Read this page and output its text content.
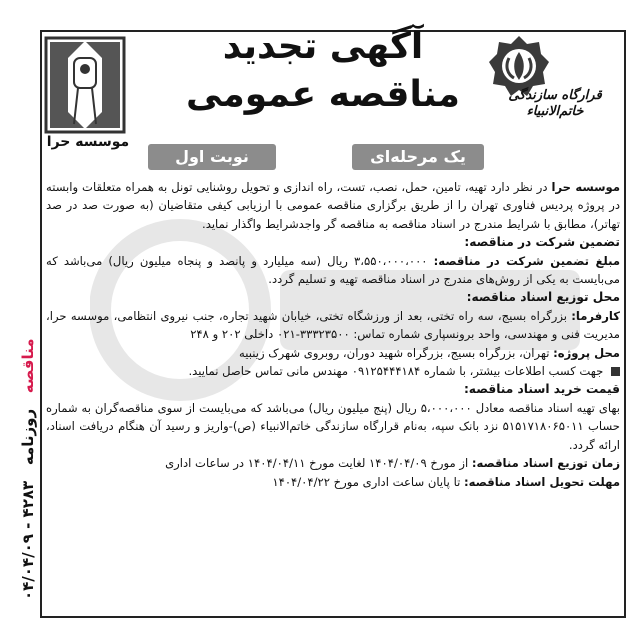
۰۴/۰۴/۰۹ - ۴۲۸۳   مناقصه   روزنامه
قرارگاه سازندگی خاتم‌الانبیاء
آگهی تجدید
مناقصه عمومی
یک مرحله‌ای
نوبت اول
موسسه حرا

موسسه حرا در نظر دارد تهیه، تامین، حمل، نصب، تست، راه اندازی و تحویل روشنایی تونل به همراه متعلقات وابسته در پروژه پردیس فناوری تهران را از طریق برگزاری مناقصه عمومی با ارزیابی کیفی متقاضیان (به صورت صد در صد تهاتر)، مطابق با شرایط مندرج در اسناد مناقصه به مناقصه گر واجدشرایط واگذار نماید.

تضمین شرکت در مناقصه:

مبلغ تضمین شرکت در مناقصه: ۳،۵۵۰،۰۰۰،۰۰۰ ریال (سه میلیارد و پانصد و پنجاه میلیون ریال) می‌باشد که می‌بایست به یکی از روش‌های مندرج در اسناد مناقصه تهیه و تسلیم گردد.

محل توزیع اسناد مناقصه:

کارفرما: بزرگراه بسیج، سه راه تختی، بعد از ورزشگاه تختی، خیابان شهید تجاره، جنب نیروی انتظامی، موسسه حرا، مدیریت فنی و مهندسی، واحد بر‌ونسپاری شماره تماس: ۳۳۳۲۳۵۰۰-۰۲۱ داخلی ۲۰۲ و ۲۴۸

محل پروژه: تهران، بزرگراه بسیج، بزرگراه شهید دوران، روبروی شهرک زینبیه

جهت کسب اطلاعات بیشتر، با شماره ۰۹۱۲۵۴۴۴۱۸۴ مهندس مانی تماس حاصل نمایید.

قیمت خرید اسناد مناقصه:

بهای تهیه اسناد مناقصه معادل ۵،۰۰۰،۰۰۰ ریال (پنج میلیون ریال) می‌باشد که می‌بایست از سوی مناقصه‌گران به شماره حساب ۵۱۵۱۷۱۸۰۶۵۰۱۱ نزد بانک سپه، به‌نام قرارگاه سازندگی خاتم‌الانبیاء (ص)-واریز و رسید آن هنگام دریافت اسناد، ارائه گردد.

زمان توزیع اسناد مناقصه: از مورخ ۱۴۰۴/۰۴/۰۹ لغایت مورخ ۱۴۰۴/۰۴/۱۱ در ساعات اداری

مهلت تحویل اسناد مناقصه: تا پایان ساعت اداری مورخ ۱۴۰۴/۰۴/۲۲
